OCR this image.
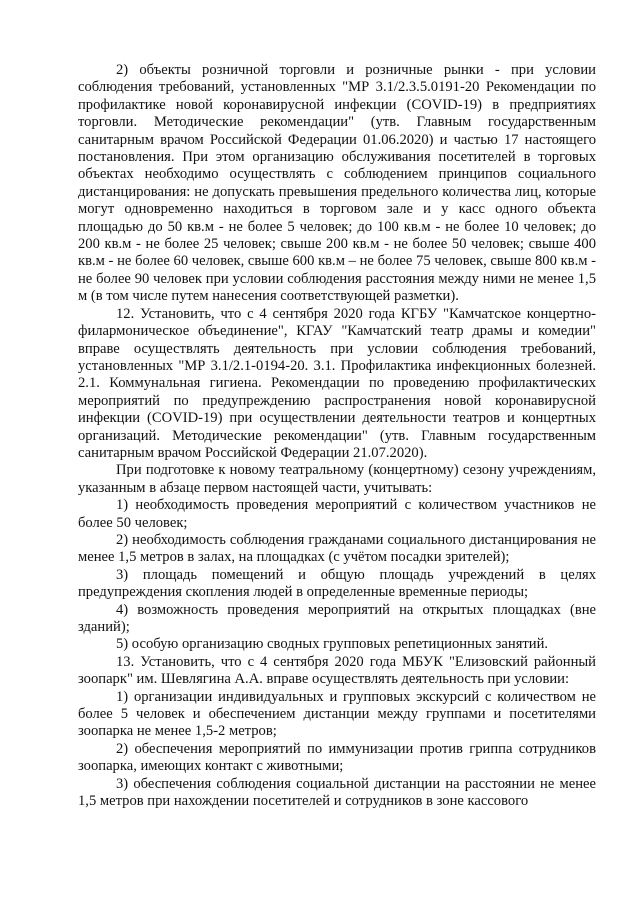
2) объекты розничной торговли и розничные рынки - при условии соблюдения требований, установленных "МР 3.1/2.3.5.0191-20 Рекомендации по профилактике новой коронавирусной инфекции (COVID-19) в предприятиях торговли. Методические рекомендации" (утв. Главным государственным санитарным врачом Российской Федерации 01.06.2020) и частью 17 настоящего постановления. При этом организацию обслуживания посетителей в торговых объектах необходимо осуществлять с соблюдением принципов социального дистанцирования: не допускать превышения предельного количества лиц, которые могут одновременно находиться в торговом зале и у касс одного объекта площадью до 50 кв.м - не более 5 человек; до 100 кв.м - не более 10 человек; до 200 кв.м - не более 25 человек; свыше 200 кв.м - не более 50 человек; свыше 400 кв.м - не более 60 человек, свыше 600 кв.м – не более 75 человек, свыше 800 кв.м - не более 90 человек при условии соблюдения расстояния между ними не менее 1,5 м (в том числе путем нанесения соответствующей разметки).

12. Установить, что с 4 сентября 2020 года КГБУ "Камчатское концертно-филармоническое объединение", КГАУ "Камчатский театр драмы и комедии" вправе осуществлять деятельность при условии соблюдения требований, установленных "МР 3.1/2.1-0194-20. 3.1. Профилактика инфекционных болезней. 2.1. Коммунальная гигиена. Рекомендации по проведению профилактических мероприятий по предупреждению распространения новой коронавирусной инфекции (COVID-19) при осуществлении деятельности театров и концертных организаций. Методические рекомендации" (утв. Главным государственным санитарным врачом Российской Федерации 21.07.2020).

При подготовке к новому театральному (концертному) сезону учреждениям, указанным в абзаце первом настоящей части, учитывать:

1) необходимость проведения мероприятий с количеством участников не более 50 человек;

2) необходимость соблюдения гражданами социального дистанцирования не менее 1,5 метров в залах, на площадках (с учётом посадки зрителей);

3) площадь помещений и общую площадь учреждений в целях предупреждения скопления людей в определенные временные периоды;

4) возможность проведения мероприятий на открытых площадках (вне зданий);

5) особую организацию сводных групповых репетиционных занятий.

13. Установить, что с 4 сентября 2020 года МБУК "Елизовский районный зоопарк" им. Шевлягина А.А. вправе осуществлять деятельность при условии:

1) организации индивидуальных и групповых экскурсий с количеством не более 5 человек и обеспечением дистанции между группами и посетителями зоопарка не менее 1,5-2 метров;

2) обеспечения мероприятий по иммунизации против гриппа сотрудников зоопарка, имеющих контакт с животными;

3) обеспечения соблюдения социальной дистанции на расстоянии не менее 1,5 метров при нахождении посетителей и сотрудников в зоне кассового
